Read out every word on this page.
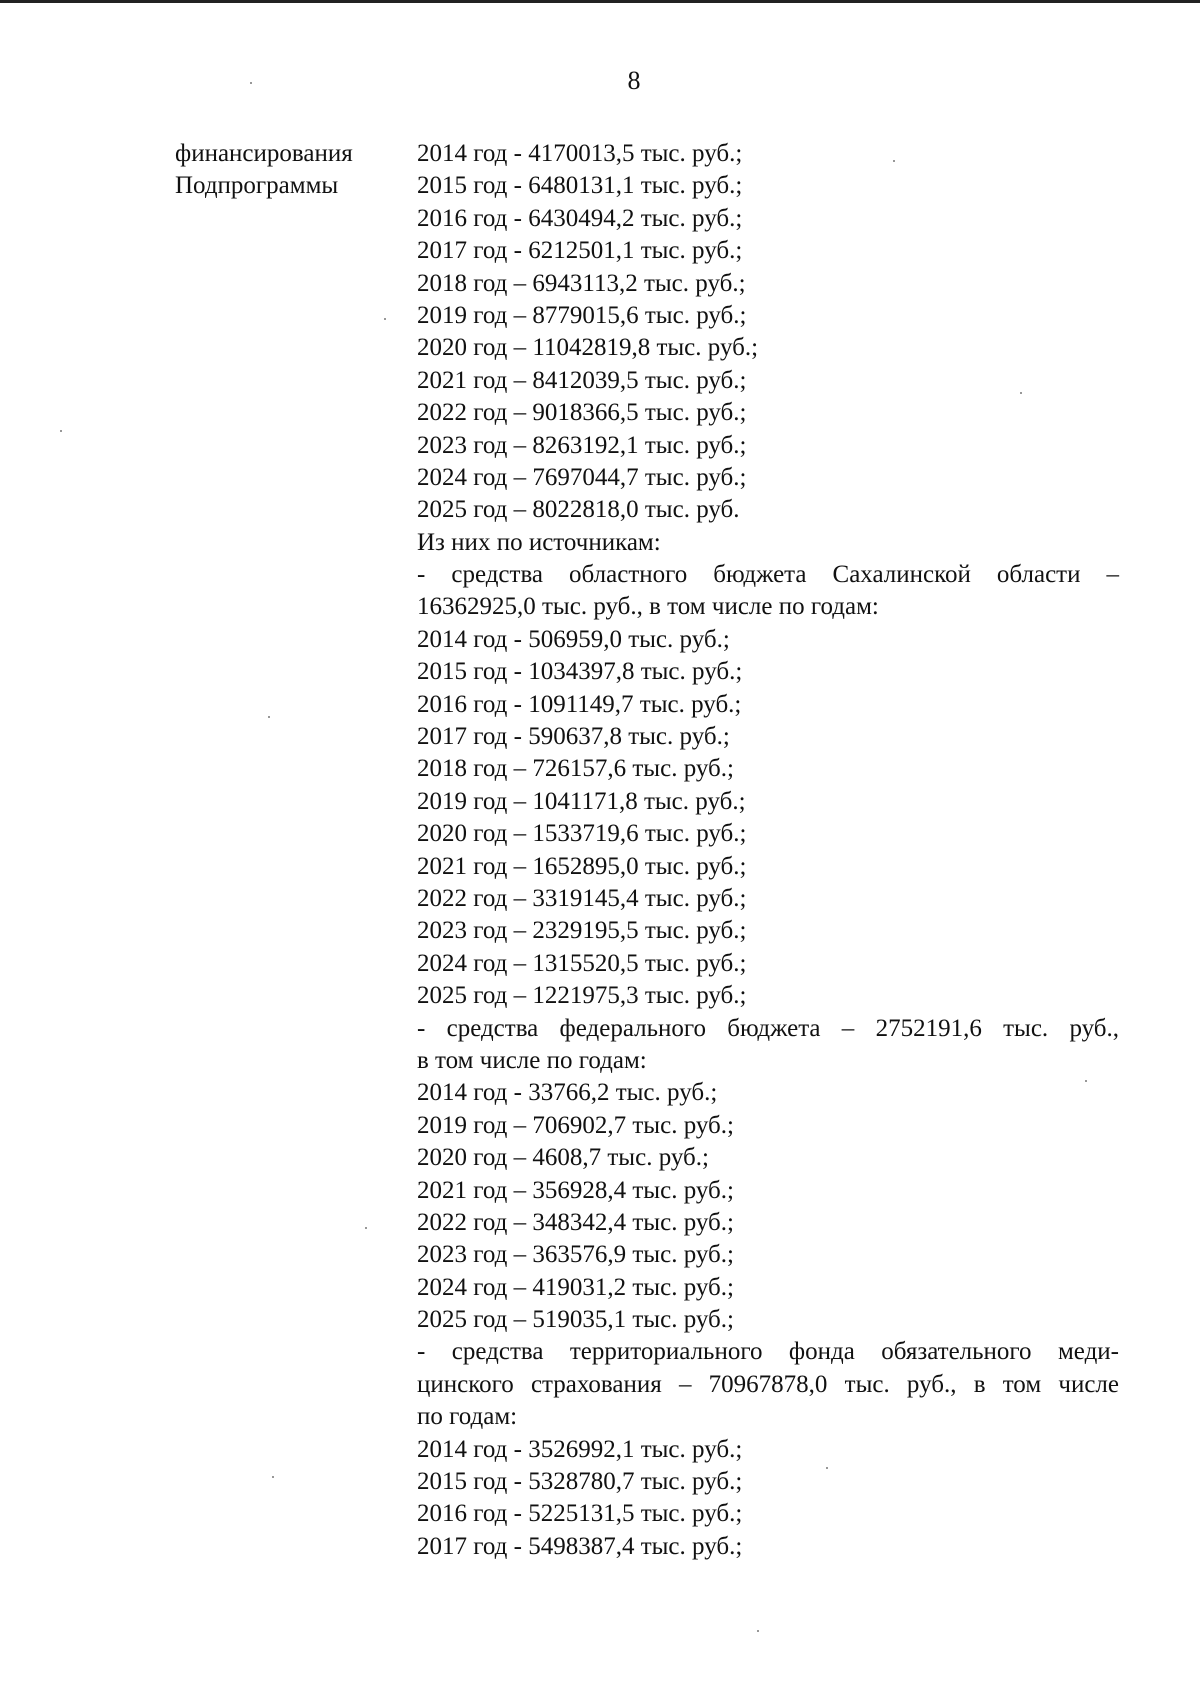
8
финансирования
Подпрограммы
2014 год - 4170013,5 тыс. руб.;
2015 год - 6480131,1 тыс. руб.;
2016 год - 6430494,2 тыс. руб.;
2017 год - 6212501,1 тыс. руб.;
2018 год – 6943113,2 тыс. руб.;
2019 год – 8779015,6 тыс. руб.;
2020 год – 11042819,8 тыс. руб.;
2021 год – 8412039,5 тыс. руб.;
2022 год – 9018366,5 тыс. руб.;
2023 год – 8263192,1 тыс. руб.;
2024 год – 7697044,7 тыс. руб.;
2025 год – 8022818,0 тыс. руб.
Из них по источникам:
- средства областного бюджета Сахалинской области –
16362925,0 тыс. руб., в том числе по годам:
2014 год - 506959,0 тыс. руб.;
2015 год - 1034397,8 тыс. руб.;
2016 год - 1091149,7 тыс. руб.;
2017 год - 590637,8 тыс. руб.;
2018 год – 726157,6 тыс. руб.;
2019 год – 1041171,8 тыс. руб.;
2020 год – 1533719,6 тыс. руб.;
2021 год – 1652895,0 тыс. руб.;
2022 год – 3319145,4 тыс. руб.;
2023 год – 2329195,5 тыс. руб.;
2024 год – 1315520,5 тыс. руб.;
2025 год – 1221975,3 тыс. руб.;
- средства федерального бюджета – 2752191,6 тыс. руб.,
в том числе по годам:
2014 год - 33766,2 тыс. руб.;
2019 год – 706902,7 тыс. руб.;
2020 год – 4608,7 тыс. руб.;
2021 год – 356928,4 тыс. руб.;
2022 год – 348342,4 тыс. руб.;
2023 год – 363576,9 тыс. руб.;
2024 год – 419031,2 тыс. руб.;
2025 год – 519035,1 тыс. руб.;
- средства территориального фонда обязательного меди-
цинского страхования – 70967878,0 тыс. руб., в том числе
по годам:
2014 год - 3526992,1 тыс. руб.;
2015 год - 5328780,7 тыс. руб.;
2016 год - 5225131,5 тыс. руб.;
2017 год - 5498387,4 тыс. руб.;
